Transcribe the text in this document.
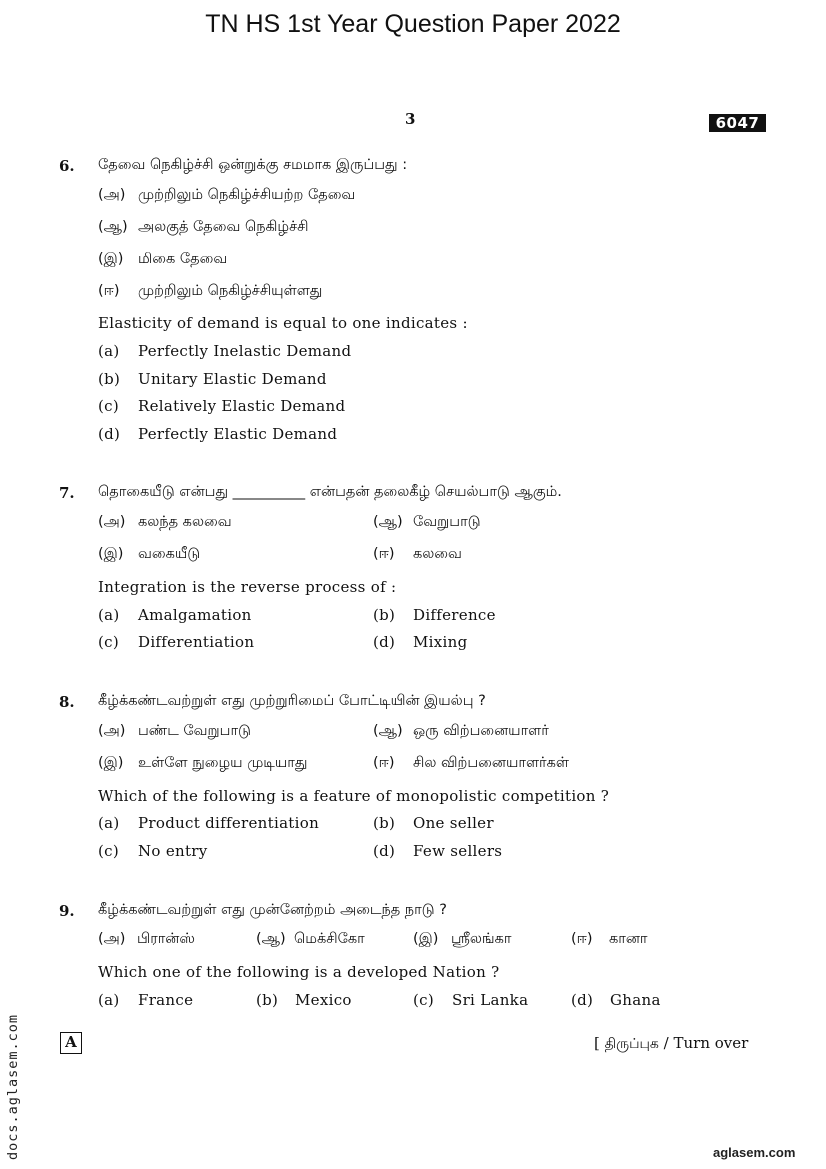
TN HS 1st Year Question Paper 2022
3	6047
6. தேவை நெகிழ்ச்சி ஒன்றுக்கு சமமாக இருப்பது :
(அ) முற்றிலும் நெகிழ்ச்சியற்ற தேவை
(ஆ) அலகுத் தேவை நெகிழ்ச்சி
(இ) மிகை தேவை
(ஈ) முற்றிலும் நெகிழ்ச்சியுள்ளது
Elasticity of demand is equal to one indicates :
(a) Perfectly Inelastic Demand
(b) Unitary Elastic Demand
(c) Relatively Elastic Demand
(d) Perfectly Elastic Demand
7. தொகையீடு என்பது __________ என்பதன் தலைகீழ் செயல்பாடு ஆகும்.
(அ) கலந்த கலவை	(ஆ) வேறுபாடு
(இ) வகையீடு	(ஈ) கலவை
Integration is the reverse process of :
(a) Amalgamation	(b) Difference
(c) Differentiation	(d) Mixing
8. கீழ்க்கண்டவற்றுள் எது முற்றுரிமைப் போட்டியின் இயல்பு ?
(அ) பண்ட வேறுபாடு	(ஆ) ஒரு விற்பனையாளர்
(இ) உள்ளே நுழைய முடியாது	(ஈ) சில விற்பனையாளர்கள்
Which of the following is a feature of monopolistic competition ?
(a) Product differentiation	(b) One seller
(c) No entry	(d) Few sellers
9. கீழ்க்கண்டவற்றுள் எது முன்னேற்றம் அடைந்த நாடு ?
(அ) பிரான்ஸ்	(ஆ) மெக்சிகோ	(இ) ஸ்ரீலங்கா	(ஈ) கானா
Which one of the following is a developed Nation ?
(a) France	(b) Mexico	(c) Sri Lanka	(d) Ghana
A	[ திருப்புக / Turn over
docs.aglasem.com	aglasem.com
